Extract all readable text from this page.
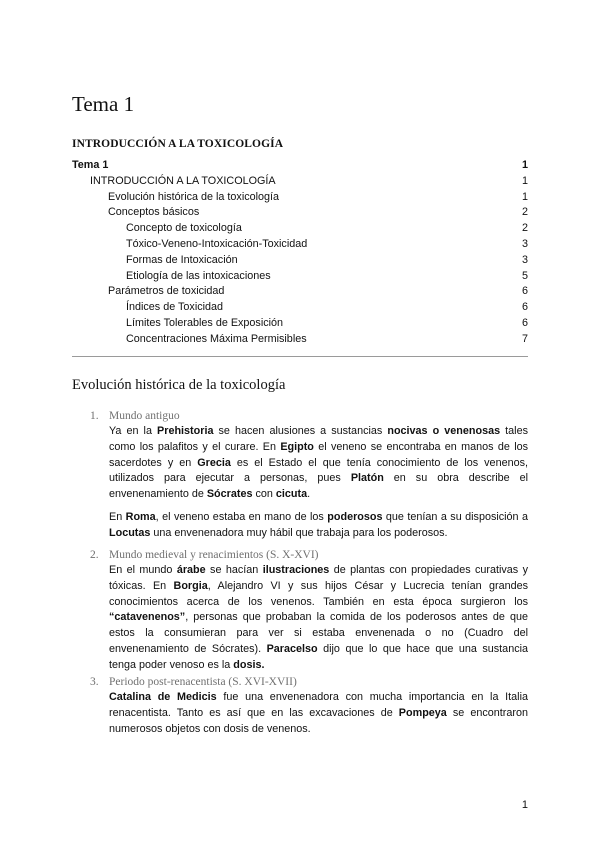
Tema 1
INTRODUCCIÓN A LA TOXICOLOGÍA
Tema 1	1
INTRODUCCIÓN A LA TOXICOLOGÍA	1
Evolución histórica de la toxicología	1
Conceptos básicos	2
Concepto de toxicología	2
Tóxico-Veneno-Intoxicación-Toxicidad	3
Formas de Intoxicación	3
Etiología de las intoxicaciones	5
Parámetros de toxicidad	6
Índices de Toxicidad	6
Límites Tolerables de Exposición	6
Concentraciones Máxima Permisibles	7
Evolución histórica de la toxicología
1. Mundo antiguo

Ya en la Prehistoria se hacen alusiones a sustancias nocivas o venenosas tales como los palafitos y el curare. En Egipto el veneno se encontraba en manos de los sacerdotes y en Grecia es el Estado el que tenía conocimiento de los venenos, utilizados para ejecutar a personas, pues Platón en su obra describe el envenenamiento de Sócrates con cicuta.

En Roma, el veneno estaba en mano de los poderosos que tenían a su disposición a Locutas una envenenadora muy hábil que trabaja para los poderosos.

2. Mundo medieval y renacimientos (S. X-XVI)

En el mundo árabe se hacían ilustraciones de plantas con propiedades curativas y tóxicas. En Borgia, Alejandro VI y sus hijos César y Lucrecia tenían grandes conocimientos acerca de los venenos. También en esta época surgieron los “catavenenos”, personas que probaban la comida de los poderosos antes de que estos la consumieran para ver si estaba envenenada o no (Cuadro del envenenamiento de Sócrates). Paracelso dijo que lo que hace que una sustancia tenga poder venoso es la dosis.

3. Periodo post-renacentista (S. XVI-XVII)

Catalina de Medicis fue una envenenadora con mucha importancia en la Italia renacentista. Tanto es así que en las excavaciones de Pompeya se encontraron numerosos objetos con dosis de venenos.

1
